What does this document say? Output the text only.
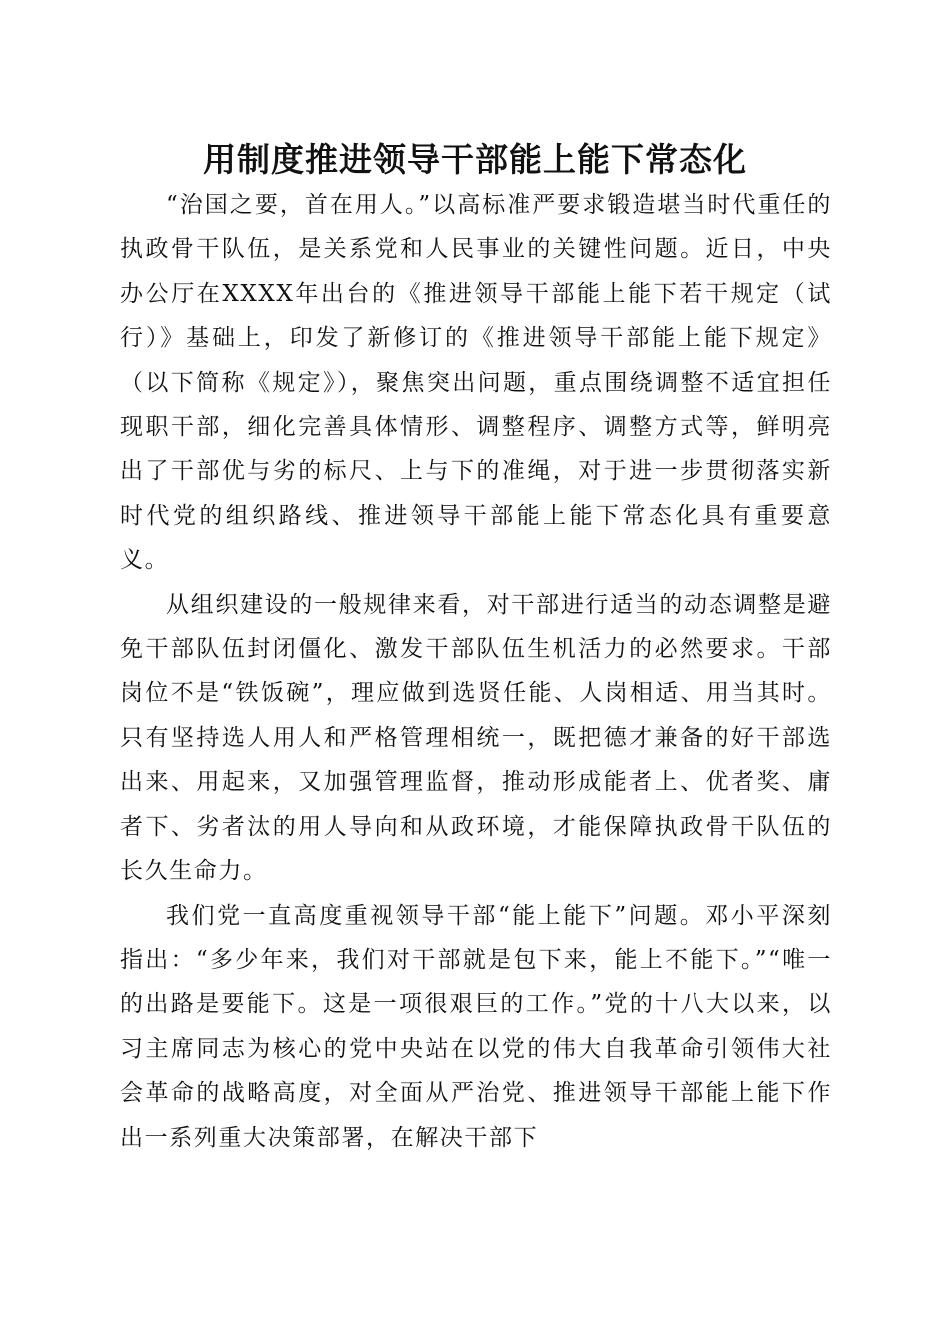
用制度推进领导干部能上能下常态化

“治国之要，首在用人。”以高标准严要求锻造堪当时代重任的执政骨干队伍，是关系党和人民事业的关键性问题。近日，中央办公厅在XXXX年出台的《推进领导干部能上能下若干规定（试行）》基础上，印发了新修订的《推进领导干部能上能下规定》（以下简称《规定》），聚焦突出问题，重点围绕调整不适宜担任现职干部，细化完善具体情形、调整程序、调整方式等，鲜明亮出了干部优与劣的标尺、上与下的准绳，对于进一步贯彻落实新时代党的组织路线、推进领导干部能上能下常态化具有重要意义。

从组织建设的一般规律来看，对干部进行适当的动态调整是避免干部队伍封闭僵化、激发干部队伍生机活力的必然要求。干部岗位不是“铁饭碗”，理应做到选贤任能、人岗相适、用当其时。只有坚持选人用人和严格管理相统一，既把德才兼备的好干部选出来、用起来，又加强管理监督，推动形成能者上、优者奖、庸者下、劣者汰的用人导向和从政环境，才能保障执政骨干队伍的长久生命力。

我们党一直高度重视领导干部“能上能下”问题。邓小平深刻指出：“多少年来，我们对干部就是包下来，能上不能下。”“唯一的出路是要能下。这是一项很艰巨的工作。”党的十八大以来，以习主席同志为核心的党中央站在以党的伟大自我革命引领伟大社会革命的战略高度，对全面从严治党、推进领导干部能上能下作出一系列重大决策部署，在解决干部下
